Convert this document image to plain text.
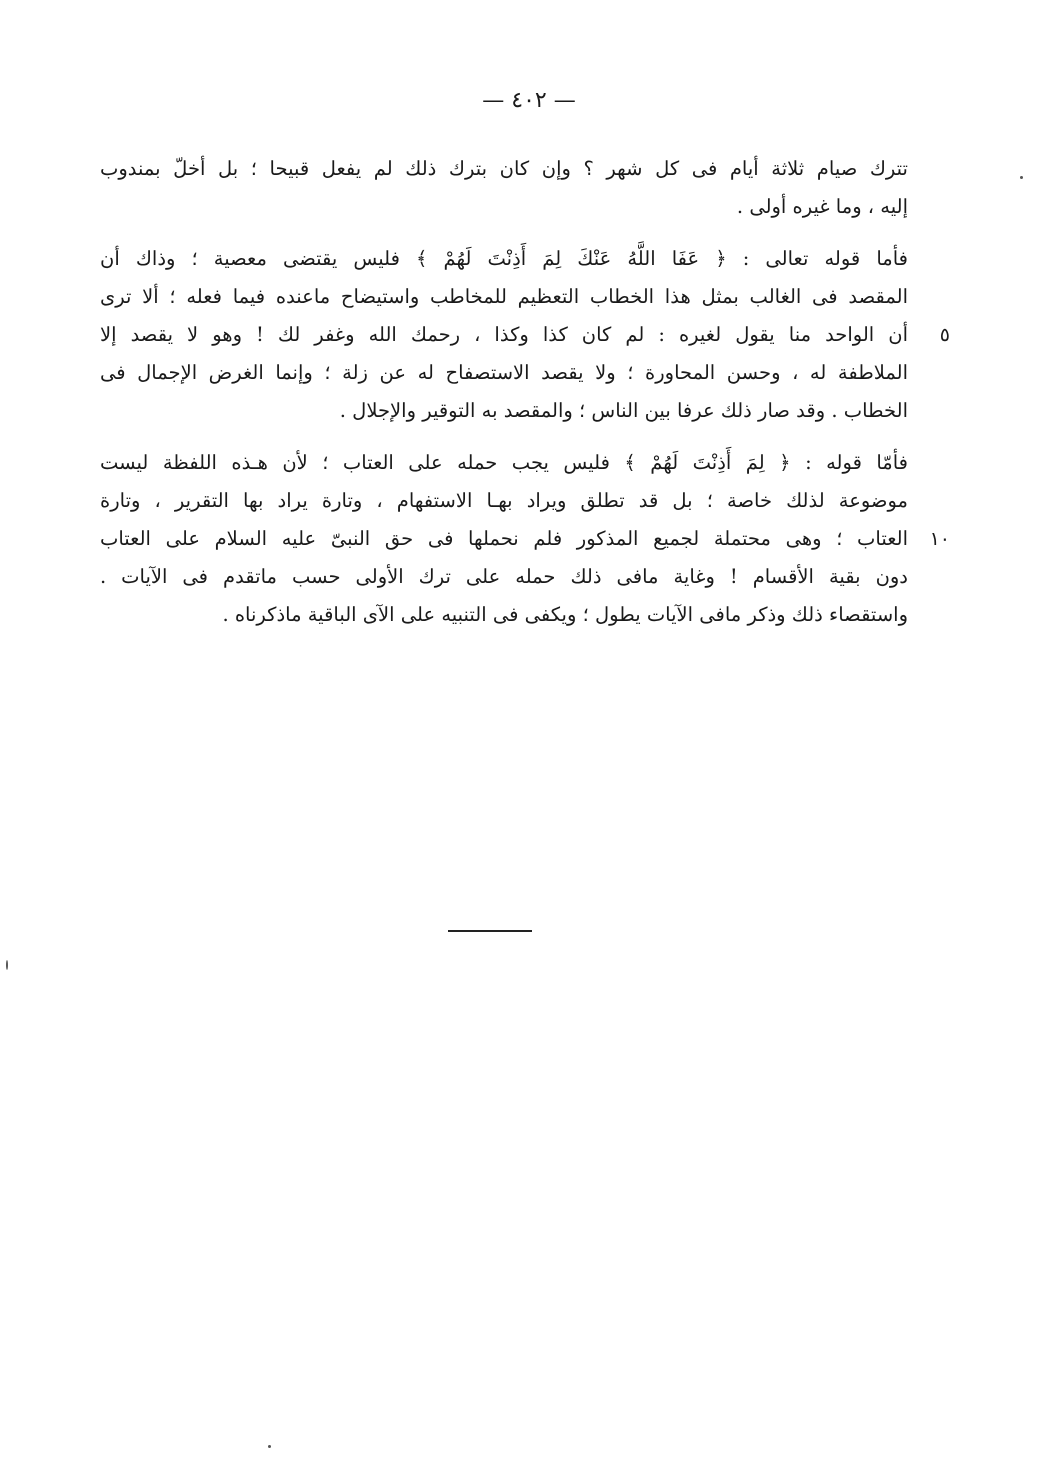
— ٤٠٢ —
تترك صيام ثلاثة أيام فى كل شهر ؟ وإن كان بترك ذلك لم يفعل قبيحا ؛ بل أخلّ بمندوب
إليه ، وما غيره أولى .
فأما قوله تعالى : ﴿ عَفَا اللَّهُ عَنْكَ لِمَ أَذِنْتَ لَهُمْ ﴾ فليس يقتضى معصية ؛ وذاك أن
المقصد فى الغالب بمثل هذا الخطاب التعظيم للمخاطب واستيضاح ماعنده فيما فعله ؛ ألا ترى
٥
أن الواحد منا يقول لغيره : لم كان كذا وكذا ، رحمك الله وغفر لك ! وهو لا يقصد إلا
الملاطفة له ، وحسن المحاورة ؛ ولا يقصد الاستصفاح له عن زلة ؛ وإنما الغرض الإجمال فى
الخطاب . وقد صار ذلك عرفا بين الناس ؛ والمقصد به التوقير والإجلال .
فأمّا قوله : ﴿ لِمَ أَذِنْتَ لَهُمْ ﴾ فليس يجب حمله على العتاب ؛ لأن هـذه اللفظة ليست
موضوعة لذلك خاصة ؛ بل قد تطلق ويراد بهـا الاستفهام ، وتارة يراد بها التقرير ، وتارة
١٠
العتاب ؛ وهى محتملة لجميع المذكور فلم نحملها فى حق النبىّ عليه السلام على العتاب
دون بقية الأقسام ! وغاية مافى ذلك حمله على ترك الأولى حسب ماتقدم فى الآيات .
واستقصاء ذلك وذكر مافى الآيات يطول ؛ ويكفى فى التنبيه على الآى الباقية ماذكرناه .
